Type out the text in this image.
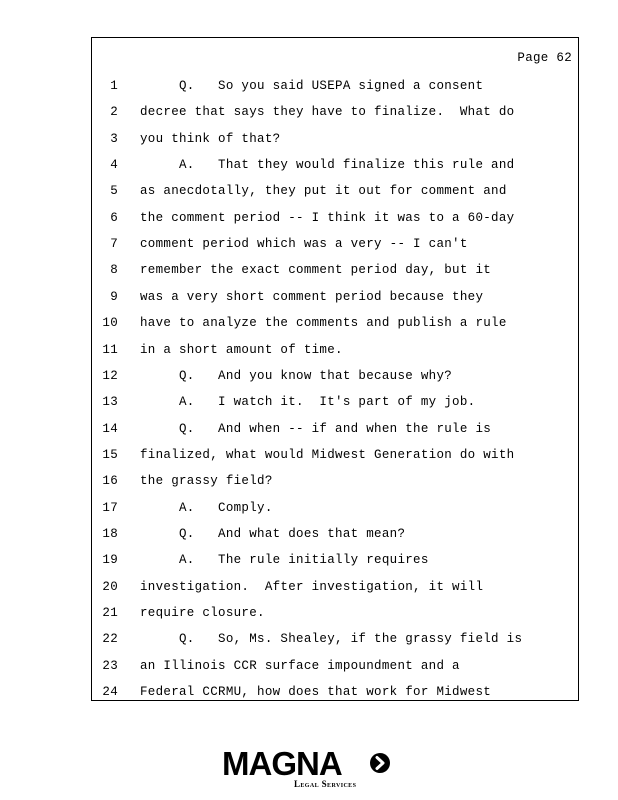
Page 62
1 Q.   So you said USEPA signed a consent
2 decree that says they have to finalize.  What do
3 you think of that?
4 A.   That they would finalize this rule and
5 as anecdotally, they put it out for comment and
6 the comment period -- I think it was to a 60-day
7 comment period which was a very -- I can't
8 remember the exact comment period day, but it
9 was a very short comment period because they
10 have to analyze the comments and publish a rule
11 in a short amount of time.
12 Q.   And you know that because why?
13 A.   I watch it.  It's part of my job.
14 Q.   And when -- if and when the rule is
15 finalized, what would Midwest Generation do with
16 the grassy field?
17 A.   Comply.
18 Q.   And what does that mean?
19 A.   The rule initially requires
20 investigation.  After investigation, it will
21 require closure.
22 Q.   So, Ms. Shealey, if the grassy field is
23 an Illinois CCR surface impoundment and a
24 Federal CCRMU, how does that work for Midwest
MAGNA
Legal Services
